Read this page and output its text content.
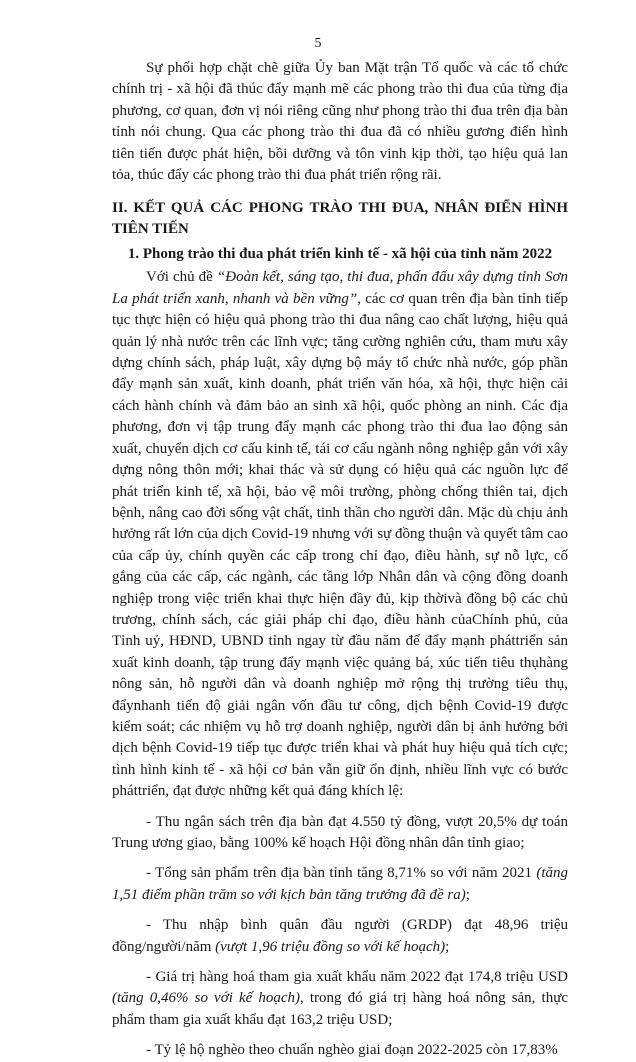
5

Sự phối hợp chặt chẽ giữa Ủy ban Mặt trận Tổ quốc và các tổ chức chính trị - xã hội đã thúc đẩy mạnh mẽ các phong trào thi đua của từng địa phương, cơ quan, đơn vị nói riêng cũng như phong trào thi đua trên địa bàn tỉnh nói chung. Qua các phong trào thi đua đã có nhiều gương điển hình tiên tiến được phát hiện, bồi dưỡng và tôn vinh kịp thời, tạo hiệu quả lan tỏa, thúc đẩy các phong trào thi đua phát triển rộng rãi.

II. KẾT QUẢ CÁC PHONG TRÀO THI ĐUA, NHÂN ĐIỂN HÌNH TIÊN TIẾN
1. Phong trào thi đua phát triển kinh tế - xã hội của tỉnh năm 2022

Với chủ đề “Đoàn kết, sáng tạo, thi đua, phấn đấu xây dựng tỉnh Sơn La phát triển xanh, nhanh và bền vững”, các cơ quan trên địa bàn tỉnh tiếp tục thực hiện có hiệu quả phong trào thi đua nâng cao chất lượng, hiệu quả quản lý nhà nước trên các lĩnh vực; tăng cường nghiên cứu, tham mưu xây dựng chính sách, pháp luật, xây dựng bộ máy tổ chức nhà nước, góp phần đẩy mạnh sản xuất, kinh doanh, phát triển văn hóa, xã hội, thực hiện cải cách hành chính và đảm bảo an sinh xã hội, quốc phòng an ninh. Các địa phương, đơn vị tập trung đẩy mạnh các phong trào thi đua lao động sản xuất, chuyển dịch cơ cấu kinh tế, tái cơ cấu ngành nông nghiệp gắn với xây dựng nông thôn mới; khai thác và sử dụng có hiệu quả các nguồn lực để phát triển kinh tế, xã hội, bảo vệ môi trường, phòng chống thiên tai, dịch bệnh, nâng cao đời sống vật chất, tinh thần cho người dân. Mặc dù chịu ảnh hưởng rất lớn của dịch Covid-19 nhưng với sự đồng thuận và quyết tâm cao của cấp ủy, chính quyền các cấp trong chỉ đạo, điều hành, sự nỗ lực, cố gắng của các cấp, các ngành, các tầng lớp Nhân dân và cộng đồng doanh nghiệp trong việc triển khai thực hiện đầy đủ, kịp thờivà đồng bộ các chủ trương, chính sách, các giải pháp chỉ đạo, điều hành củaChính phủ, của Tỉnh uỷ, HĐND, UBND tỉnh ngay từ đầu năm để đẩy mạnh pháttriển sản xuất kinh doanh, tập trung đẩy mạnh việc quảng bá, xúc tiến tiêu thụhàng nông sản, hỗ người dân và doanh nghiệp mở rộng thị trường tiêu thụ, đẩynhanh tiến độ giải ngân vốn đầu tư công, dịch bệnh Covid-19 được kiểm soát; các nhiệm vụ hỗ trợ doanh nghiệp, người dân bị ảnh hưởng bởi dịch bệnh Covid-19 tiếp tục được triển khai và phát huy hiệu quả tích cực; tình hình kinh tế - xã hội cơ bản vẫn giữ ổn định, nhiều lĩnh vực có bước pháttriển, đạt được những kết quả đáng khích lệ:

- Thu ngân sách trên địa bàn đạt 4.550 tỷ đồng, vượt 20,5% dự toán Trung ương giao, bằng 100% kế hoạch Hội đồng nhân dân tỉnh giao;

- Tổng sản phẩm trên địa bàn tỉnh tăng 8,71% so với năm 2021 (tăng 1,51 điểm phần trăm so với kịch bản tăng trưởng đã đề ra);

- Thu nhập bình quân đầu người (GRDP) đạt 48,96 triệu đồng/người/năm (vượt 1,96 triệu đồng so với kế hoạch);

- Giá trị hàng hoá tham gia xuất khẩu năm 2022 đạt 174,8 triệu USD (tăng 0,46% so với kế hoạch), trong đó giá trị hàng hoá nông sản, thực phẩm tham gia xuất khẩu đạt 163,2 triệu USD;

- Tỷ lệ hộ nghèo theo chuẩn nghèo giai đoạn 2022-2025 còn 17,83%
